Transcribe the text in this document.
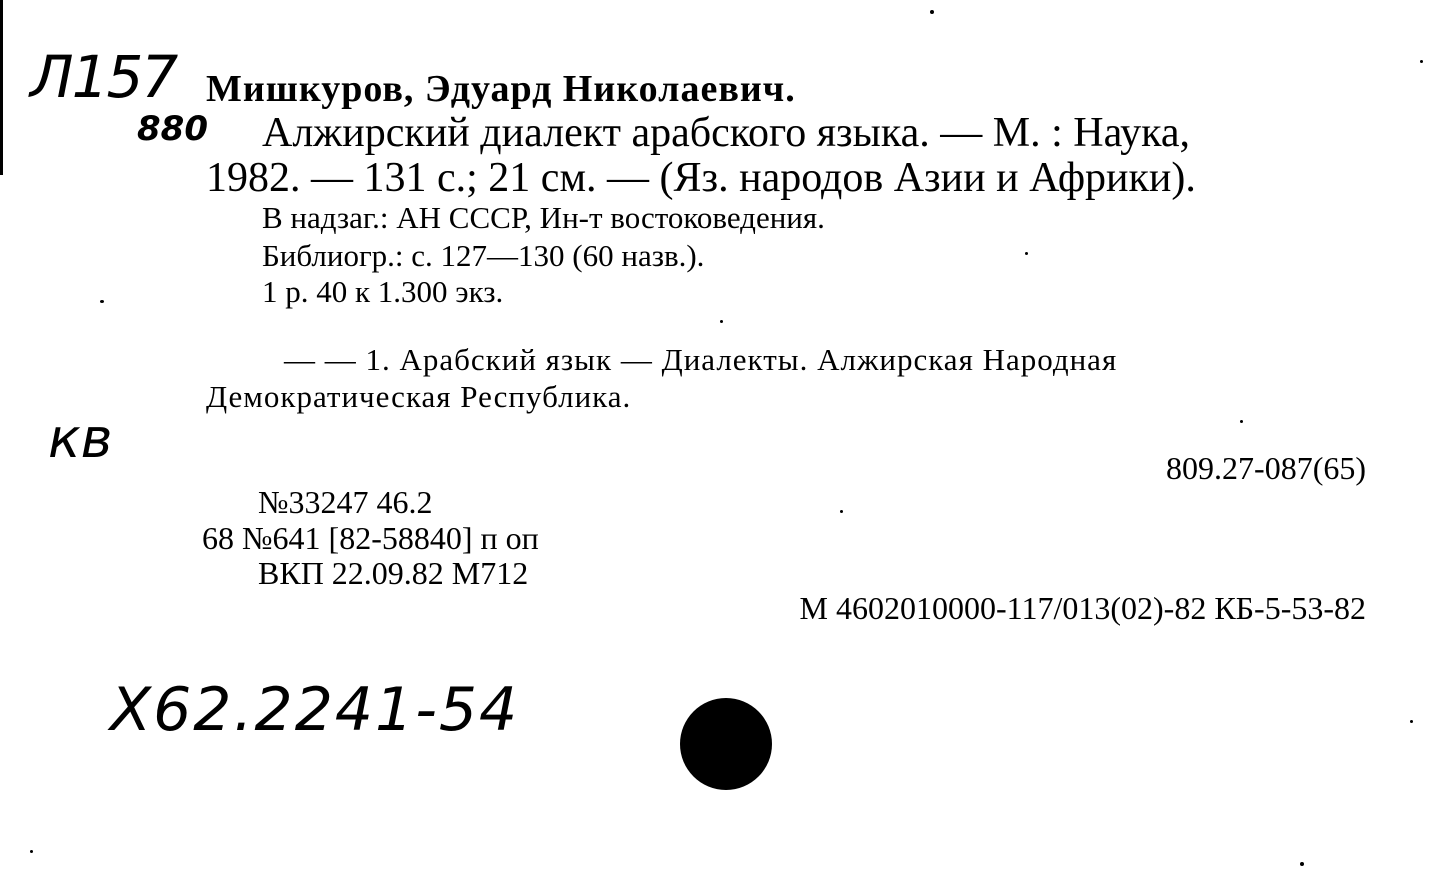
Л157
880
Мишкуров, Эдуард Николаевич.
Алжирский диалект арабского языка. — М. : Наука,
1982. — 131 с.; 21 см. — (Яз. народов Азии и Африки).
В надзаг.: АН СССР, Ин-т востоковедения.
Библиогр.: с. 127—130 (60 назв.).
1 р. 40 к 1.300 экз.
— — 1. Арабский язык — Диалекты. Алжирская Народная
Демократическая Республика.
кв	809.27-087(65)
№33247 46.2
68 №641 [82-58840] п оп
ВКП 22.09.82 М712
М 4602010000-117/013(02)-82 КБ-5-53-82
Х62.2241-54
